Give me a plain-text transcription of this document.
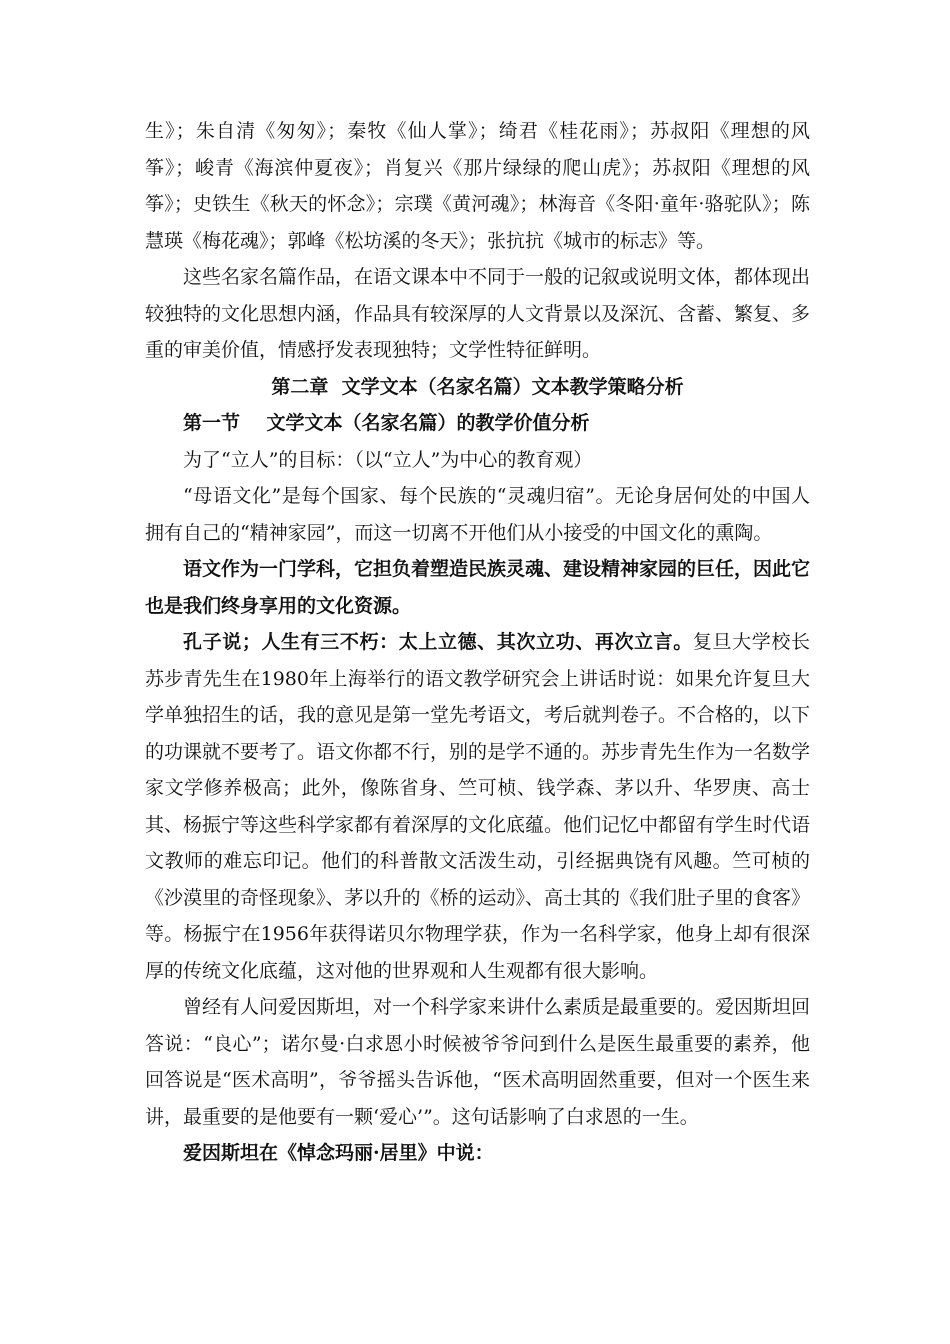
生》；朱自清《匆匆》；秦牧《仙人掌》；绮君《桂花雨》；苏叔阳《理想的风筝》；峻青《海滨仲夏夜》；肖复兴《那片绿绿的爬山虎》；苏叔阳《理想的风筝》；史铁生《秋天的怀念》；宗璞《黄河魂》；林海音《冬阳·童年·骆驼队》；陈慧瑛《梅花魂》；郭峰《松坊溪的冬天》；张抗抗《城市的标志》等。

这些名家名篇作品，在语文课本中不同于一般的记叙或说明文体，都体现出较独特的文化思想内涵，作品具有较深厚的人文背景以及深沉、含蓄、繁复、多重的审美价值，情感抒发表现独特；文学性特征鲜明。

第二章  文学文本（名家名篇）文本教学策略分析

第一节    文学文本（名家名篇）的教学价值分析

为了“立人”的目标：（以“立人”为中心的教育观）

“母语文化”是每个国家、每个民族的“灵魂归宿”。无论身居何处的中国人拥有自己的“精神家园”，而这一切离不开他们从小接受的中国文化的熏陶。

语文作为一门学科，它担负着塑造民族灵魂、建设精神家园的巨任，因此它也是我们终身享用的文化资源。

孔子说；人生有三不朽：太上立德、其次立功、再次立言。复旦大学校长苏步青先生在1980年上海举行的语文教学研究会上讲话时说：如果允许复旦大学单独招生的话，我的意见是第一堂先考语文，考后就判卷子。不合格的，以下的功课就不要考了。语文你都不行，别的是学不通的。苏步青先生作为一名数学家文学修养极高；此外，像陈省身、竺可桢、钱学森、茅以升、华罗庚、高士其、杨振宁等这些科学家都有着深厚的文化底蕴。他们记忆中都留有学生时代语文教师的难忘印记。他们的科普散文活泼生动，引经据典饶有风趣。竺可桢的《沙漠里的奇怪现象》、茅以升的《桥的运动》、高士其的《我们肚子里的食客》等。杨振宁在1956年获得诺贝尔物理学获，作为一名科学家，他身上却有很深厚的传统文化底蕴，这对他的世界观和人生观都有很大影响。

曾经有人问爱因斯坦，对一个科学家来讲什么素质是最重要的。爱因斯坦回答说：“良心”；诺尔曼·白求恩小时候被爷爷问到什么是医生最重要的素养，他回答说是“医术高明”，爷爷摇头告诉他，“医术高明固然重要，但对一个医生来讲，最重要的是他要有一颗‘爱心’”。这句话影响了白求恩的一生。

爱因斯坦在《悼念玛丽·居里》中说：
